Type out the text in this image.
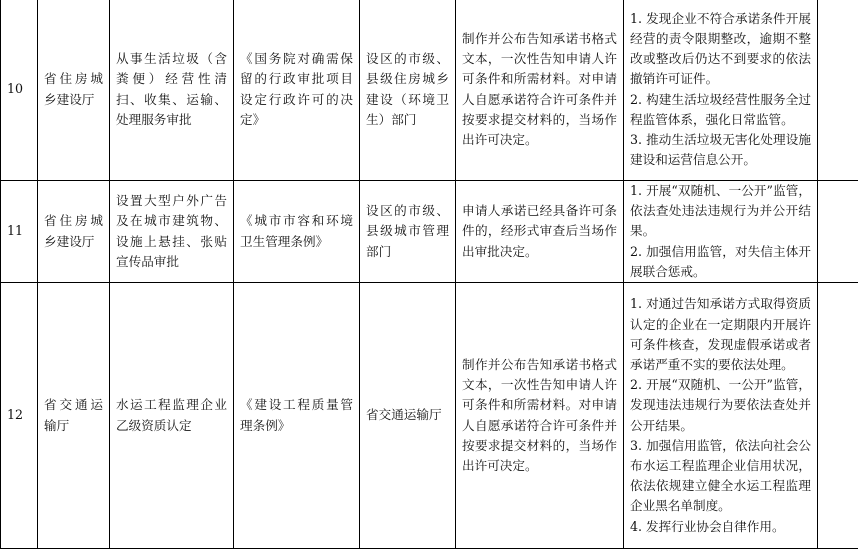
10	省住房城乡建设厅	从事生活垃圾（含粪便）经营性清扫、收集、运输、处理服务审批	《国务院对确需保留的行政审批项目设定行政许可的决定》	设区的市级、县级住房城乡建设（环境卫生）部门	制作并公布告知承诺书格式文本，一次性告知申请人许可条件和所需材料。对申请人自愿承诺符合许可条件并按要求提交材料的，当场作出许可决定。	1. 发现企业不符合承诺条件开展经营的责令限期整改，逾期不整改或整改后仍达不到要求的依法撤销许可证件。
2. 构建生活垃圾经营性服务全过程监管体系，强化日常监管。
3. 推动生活垃圾无害化处理设施建设和运营信息公开。	

11	省住房城乡建设厅	设置大型户外广告及在城市建筑物、设施上悬挂、张贴宣传品审批	《城市市容和环境卫生管理条例》	设区的市级、县级城市管理部门	申请人承诺已经具备许可条件的，经形式审查后当场作出审批决定。	1. 开展“双随机、一公开”监管，依法查处违法违规行为并公开结果。
2. 加强信用监管，对失信主体开展联合惩戒。	

12	省交通运输厅	水运工程监理企业乙级资质认定	《建设工程质量管理条例》	省交通运输厅	制作并公布告知承诺书格式文本，一次性告知申请人许可条件和所需材料。对申请人自愿承诺符合许可条件并按要求提交材料的，当场作出许可决定。	1. 对通过告知承诺方式取得资质认定的企业在一定期限内开展许可条件核查，发现虚假承诺或者承诺严重不实的要依法处理。
2. 开展“双随机、一公开”监管，发现违法违规行为要依法查处并公开结果。
3. 加强信用监管，依法向社会公布水运工程监理企业信用状况，依法依规建立健全水运工程监理企业黑名单制度。
4. 发挥行业协会自律作用。	
